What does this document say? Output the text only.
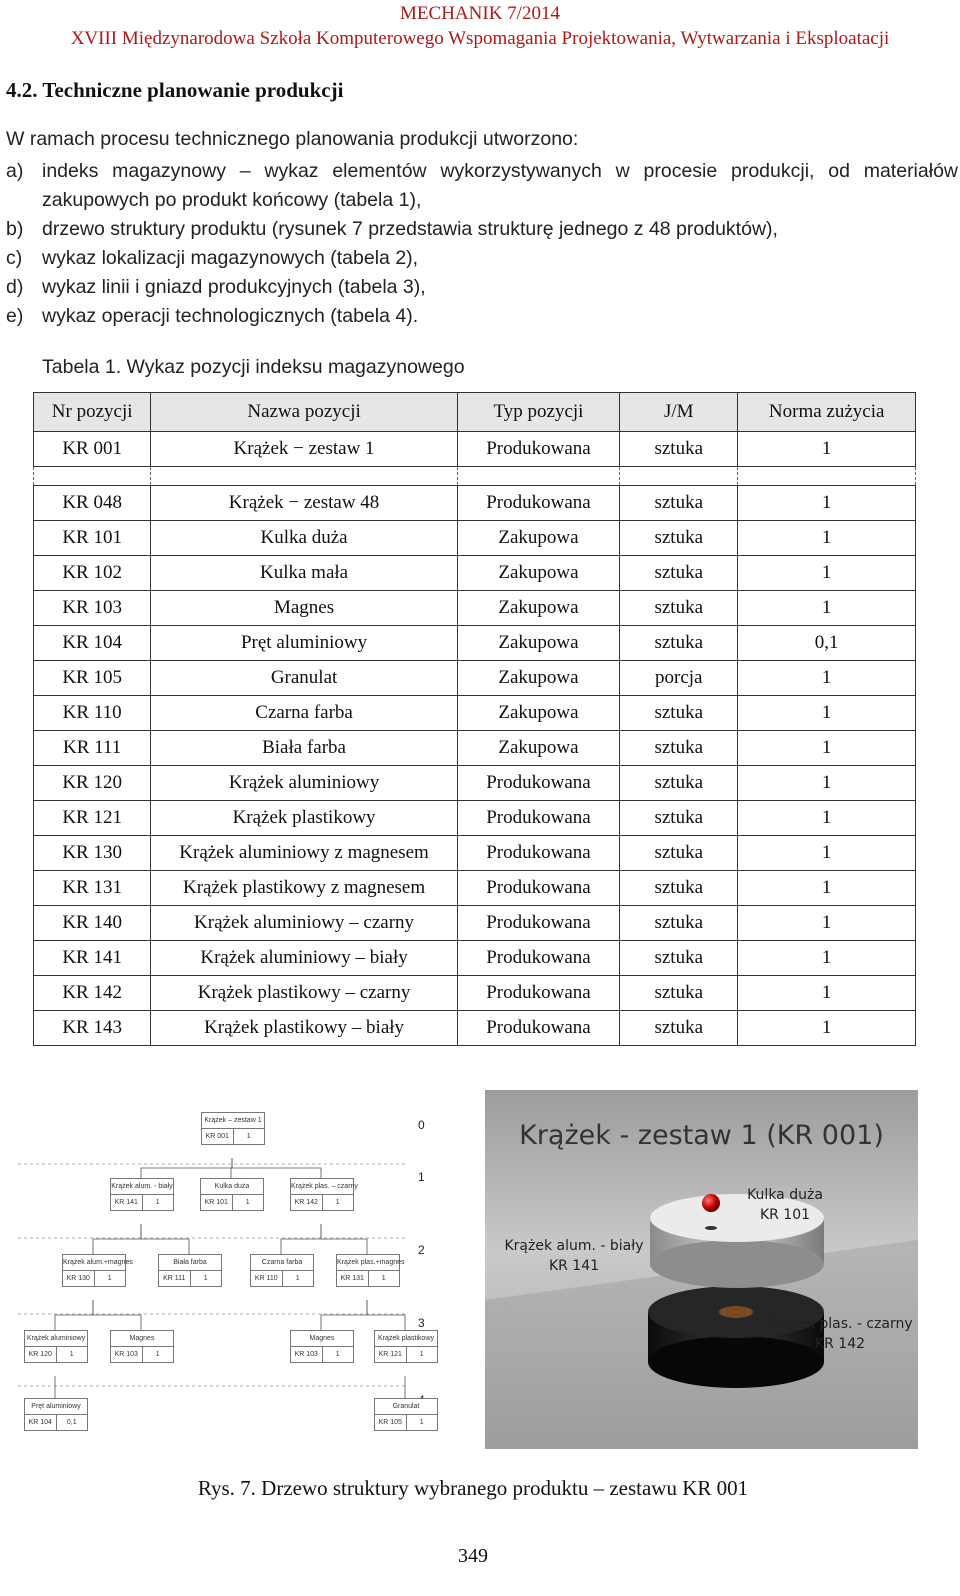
MECHANIK 7/2014
XVIII Międzynarodowa Szkoła Komputerowego Wspomagania Projektowania, Wytwarzania i Eksploatacji
4.2. Techniczne planowanie produkcji
W ramach procesu technicznego planowania produkcji utworzono:
a) indeks magazynowy – wykaz elementów wykorzystywanych w procesie produkcji, od materiałów zakupowych po produkt końcowy (tabela 1),
b) drzewo struktury produktu (rysunek 7 przedstawia strukturę jednego z 48 produktów),
c)	wykaz lokalizacji magazynowych (tabela 2),
d) wykaz linii i gniazd produkcyjnych (tabela 3),
e) wykaz operacji technologicznych (tabela 4).
Tabela 1. Wykaz pozycji indeksu magazynowego
Nr pozycji	Nazwa pozycji	Typ pozycji	J/M	Norma zużycia
KR 001	Krążek − zestaw 1	Produkowana	sztuka	1

KR 048	Krążek − zestaw 48	Produkowana	sztuka	1
KR 101	Kulka duża	Zakupowa	sztuka	1
KR 102	Kulka mała	Zakupowa	sztuka	1
KR 103	Magnes	Zakupowa	sztuka	1
KR 104	Pręt aluminiowy	Zakupowa	sztuka	0,1
KR 105	Granulat	Zakupowa	porcja	1
KR 110	Czarna farba	Zakupowa	sztuka	1
KR 111	Biała farba	Zakupowa	sztuka	1
KR 120	Krążek aluminiowy	Produkowana	sztuka	1
KR 121	Krążek plastikowy	Produkowana	sztuka	1
KR 130	Krążek aluminiowy z magnesem	Produkowana	sztuka	1
KR 131	Krążek plastikowy z magnesem	Produkowana	sztuka	1
KR 140	Krążek aluminiowy – czarny	Produkowana	sztuka	1
KR 141	Krążek aluminiowy – biały	Produkowana	sztuka	1
KR 142	Krążek plastikowy – czarny	Produkowana	sztuka	1
KR 143	Krążek plastikowy – biały	Produkowana	sztuka	1
0
1
2
3
Krążek – zestaw 1
KR 001	1
Krążek alum. - biały
KR 141	1
Kulka duża
KR 101	1
Krążek plas. – czarny
KR 142	1
Krążek alum.+magnes
KR 130	1
Biała farba
KR 111	1
Czarna farba
KR 110	1
Krążek plas.+magnes
KR 131	1
Krążek aluminiowy
KR 120	1
Magnes
KR 103	1
Magnes
KR 103	1
Krążek plastikowy
KR 121	1
Pręt aluminiowy
KR 104	0,1
Granulat
KR 105	1
Krążek - zestaw 1 (KR 001)
Kulka duża
KR 101
Krążek alum. - biały
KR 141
Krążek plas. - czarny
KR 142
Rys. 7. Drzewo struktury wybranego produktu – zestawu KR 001
349
